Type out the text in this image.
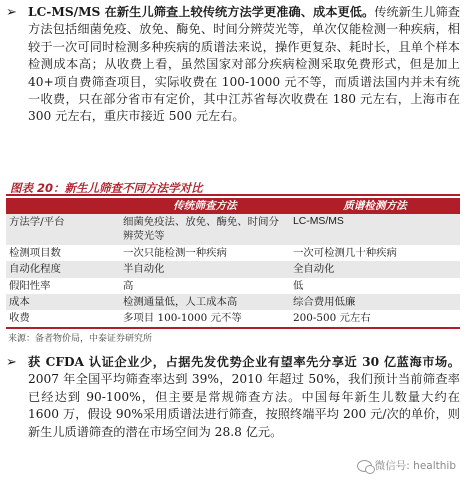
➢ LC-MS/MS 在新生儿筛查上较传统方法学更准确、成本更低。传统新生儿筛查方法包括细菌免疫、放免、酶免、时间分辨荧光等，单次仅能检测一种疾病，相较于一次可同时检测多种疾病的质谱法来说，操作更复杂、耗时长，且单个样本检测成本高；从收费上看，虽然国家对部分疾病检测采取免费形式，但是加上 40+项自费筛查项目，实际收费在 100-1000 元不等，而质谱法国内并未有统一收费，只在部分省市有定价，其中江苏省每次收费在 180 元左右，上海市在 300 元左右，重庆市接近 500 元左右。

图表 20：新生儿筛查不同方法学对比
	传统筛查方法	质谱检测方法
方法学/平台	细菌免疫法、放免、酶免、时间分辨荧光等	LC-MS/MS
检测项目数	一次只能检测一种疾病	一次可检测几十种疾病
自动化程度	半自动化	全自动化
假阳性率	高	低
成本	检测通量低，人工成本高	综合费用低廉
收费	多项目 100-1000 元不等	200-500 元左右
来源：备者物价局，中泰证券研究所
➢ 获 CFDA 认证企业少，占据先发优势企业有望率先分享近 30 亿蓝海市场。2007 年全国平均筛查率达到 39%，2010 年超过 50%，我们预计当前筛查率已经达到 90-100%，但主要是常规筛查方法。中国每年新生儿数量大约在 1600 万，假设 90%采用质谱法进行筛查，按照终端平均 200 元/次的单价，则新生儿质谱筛查的潜在市场空间为 28.8 亿元。

微信号: healthib
